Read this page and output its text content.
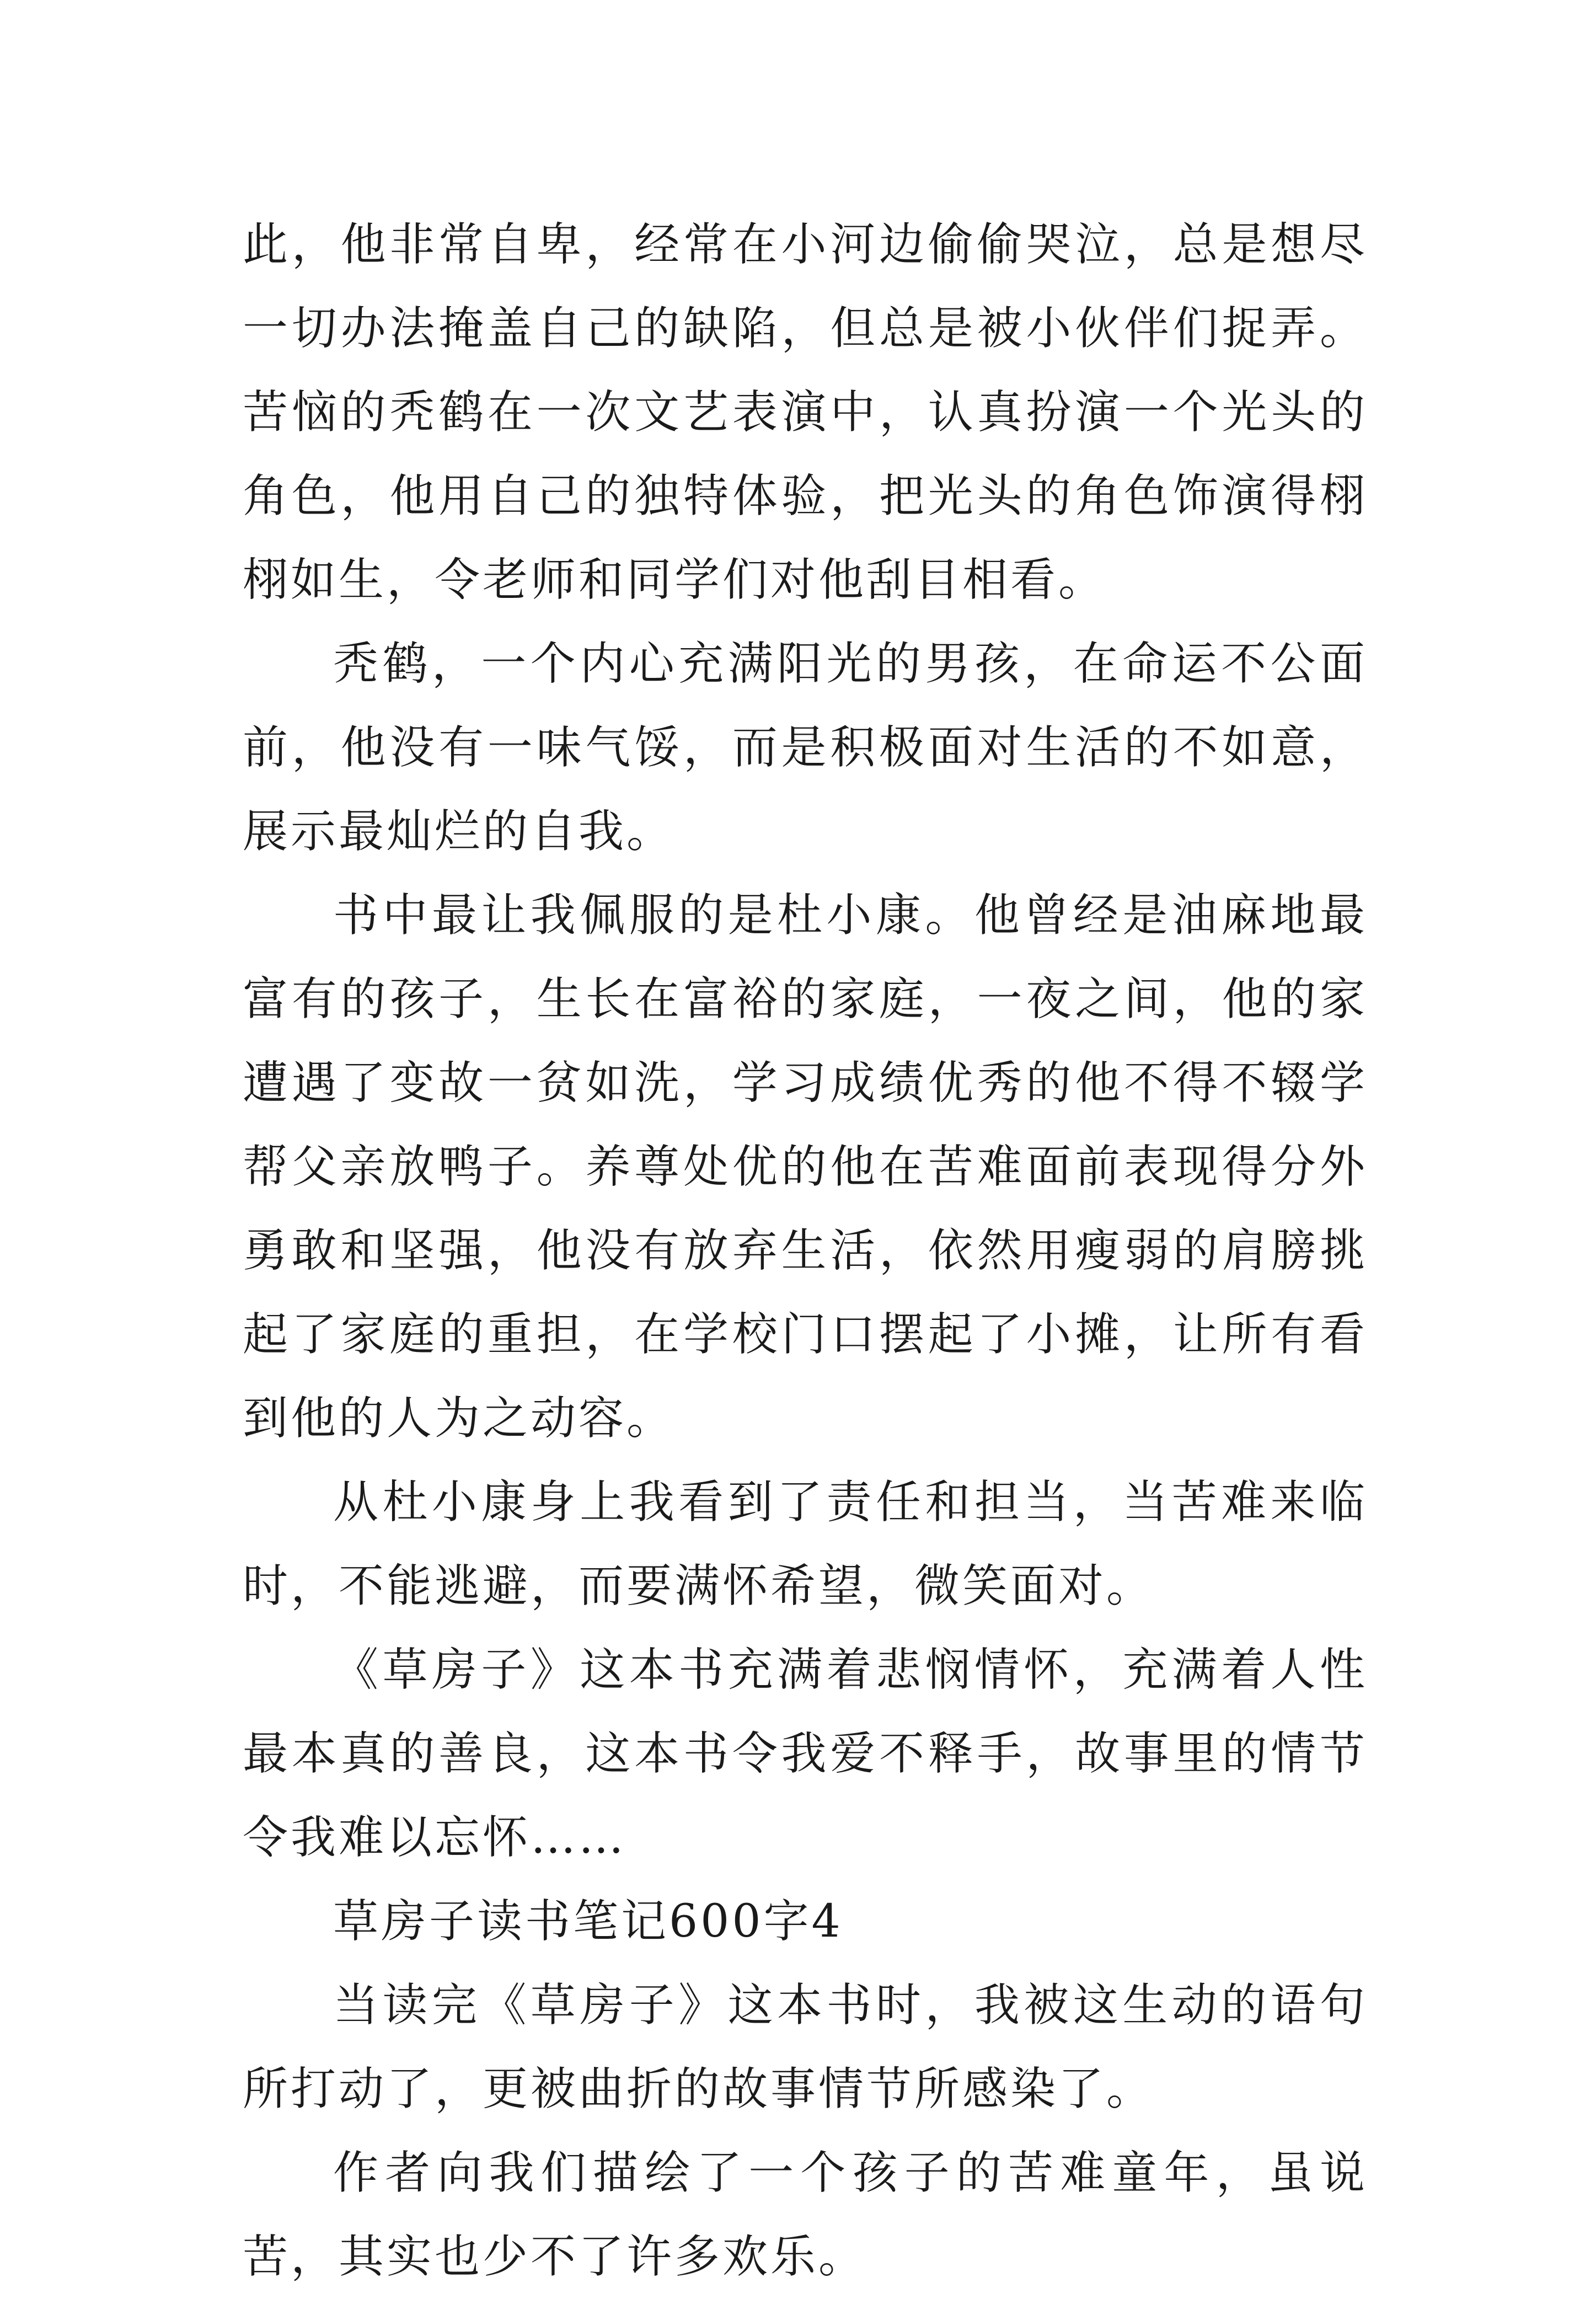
此，他非常自卑，经常在小河边偷偷哭泣，总是想尽一切办法掩盖自己的缺陷，但总是被小伙伴们捉弄。苦恼的秃鹤在一次文艺表演中，认真扮演一个光头的角色，他用自己的独特体验，把光头的角色饰演得栩栩如生，令老师和同学们对他刮目相看。

秃鹤，一个内心充满阳光的男孩，在命运不公面前，他没有一味气馁，而是积极面对生活的不如意，展示最灿烂的自我。

书中最让我佩服的是杜小康。他曾经是油麻地最富有的孩子，生长在富裕的家庭，一夜之间，他的家遭遇了变故一贫如洗，学习成绩优秀的他不得不辍学帮父亲放鸭子。养尊处优的他在苦难面前表现得分外勇敢和坚强，他没有放弃生活，依然用瘦弱的肩膀挑起了家庭的重担，在学校门口摆起了小摊，让所有看到他的人为之动容。

从杜小康身上我看到了责任和担当，当苦难来临时，不能逃避，而要满怀希望，微笑面对。

《草房子》这本书充满着悲悯情怀，充满着人性最本真的善良，这本书令我爱不释手，故事里的情节令我难以忘怀……

草房子读书笔记600字4

当读完《草房子》这本书时，我被这生动的语句所打动了，更被曲折的故事情节所感染了。

作者向我们描绘了一个孩子的苦难童年，虽说苦，其实也少不了许多欢乐。
